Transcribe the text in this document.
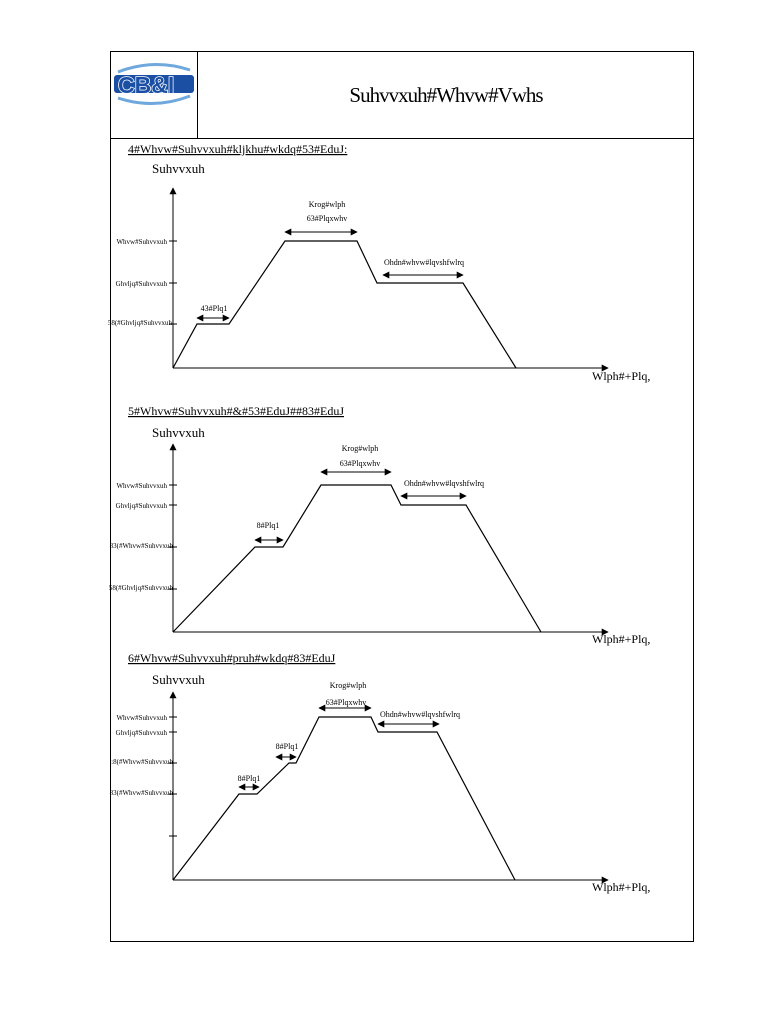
Suhvvxuh#Whvw#Vwhs
CB&I
4#Whvw#Suhvvxuh#kljkhu#wkdq#53#EduJ:
Suhvvxuh
Wlph#+Plq,
Whvw#Suhvvxuh
Ghvljq#Suhvvxuh
58(#Ghvljq#Suhvvxuh
43#Plq1
Krog#wlph
63#Plqxwhv
Ohdn#whvw#lqvshfwlrq
5#Whvw#Suhvvxuh#&#53#EduJ##83#EduJ
Suhvvxuh
Wlph#+Plq,
Whvw#Suhvvxuh
Ghvljq#Suhvvxuh
83(#Whvw#Suhvvxuh
58(#Ghvljq#Suhvvxuh
8#Plq1
Krog#wlph
63#Plqxwhv
Ohdn#whvw#lqvshfwlrq
6#Whvw#Suhvvxuh#pruh#wkdq#83#EduJ
Suhvvxuh
Wlph#+Plq,
Whvw#Suhvvxuh
Ghvljq#Suhvvxuh
:8(#Whvw#Suhvvxuh
83(#Whvw#Suhvvxuh
8#Plq1
8#Plq1
Krog#wlph
63#Plqxwhv
Ohdn#whvw#lqvshfwlrq
